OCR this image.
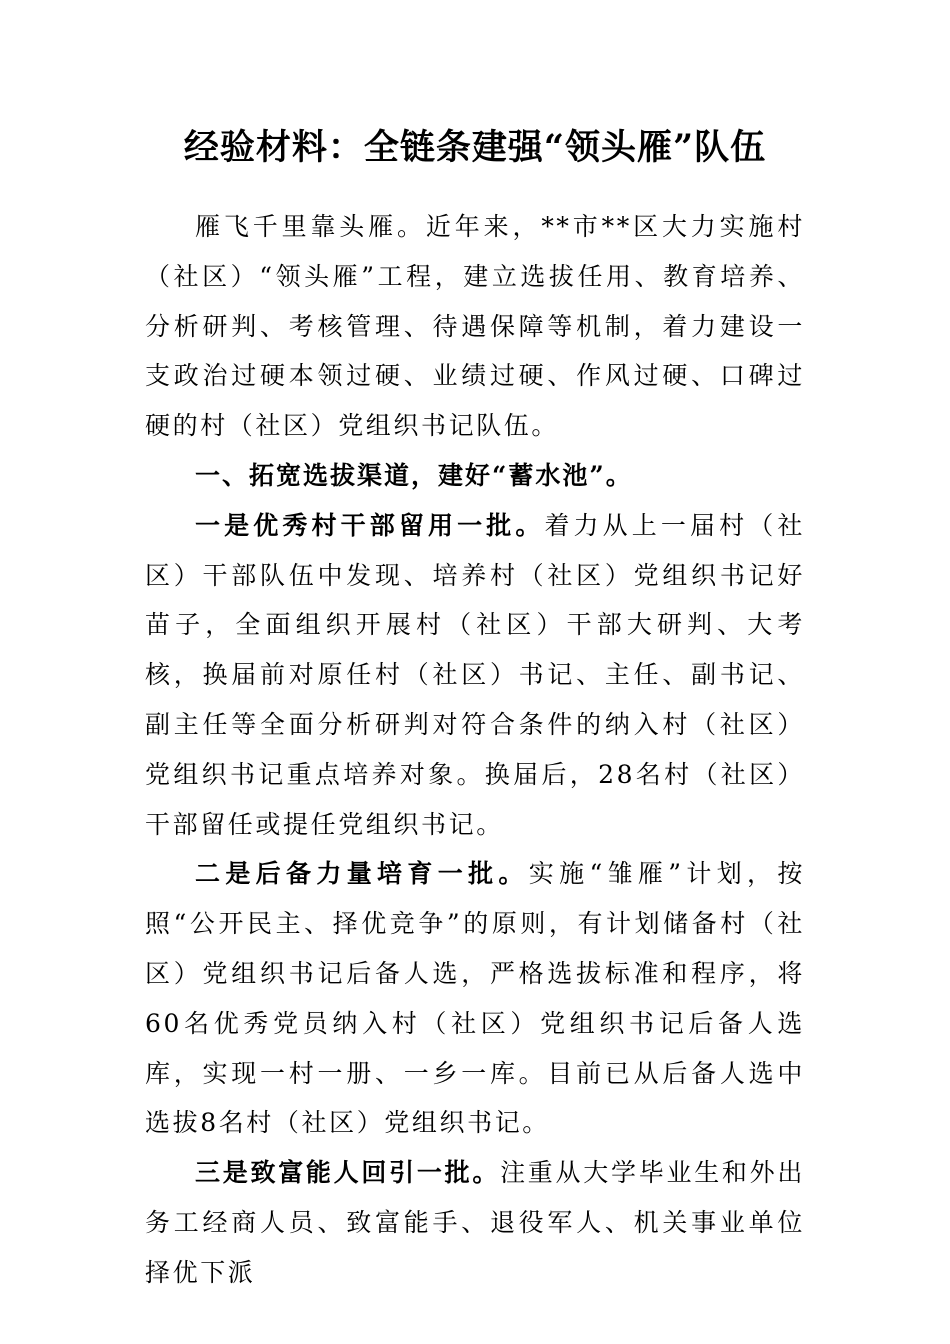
经验材料：全链条建强“领头雁”队伍

雁飞千里靠头雁。近年来，**市**区大力实施村（社区）“领头雁”工程，建立选拔任用、教育培养、分析研判、考核管理、待遇保障等机制，着力建设一支政治过硬本领过硬、业绩过硬、作风过硬、口碑过硬的村（社区）党组织书记队伍。

一、拓宽选拔渠道，建好“蓄水池”。

一是优秀村干部留用一批。着力从上一届村（社区）干部队伍中发现、培养村（社区）党组织书记好苗子，全面组织开展村（社区）干部大研判、大考核，换届前对原任村（社区）书记、主任、副书记、副主任等全面分析研判对符合条件的纳入村（社区）党组织书记重点培养对象。换届后，28名村（社区）干部留任或提任党组织书记。

二是后备力量培育一批。实施“雏雁”计划，按照“公开民主、择优竞争”的原则，有计划储备村（社区）党组织书记后备人选，严格选拔标准和程序，将60名优秀党员纳入村（社区）党组织书记后备人选库，实现一村一册、一乡一库。目前已从后备人选中选拔8名村（社区）党组织书记。

三是致富能人回引一批。注重从大学毕业生和外出务工经商人员、致富能手、退役军人、机关事业单位择优下派
